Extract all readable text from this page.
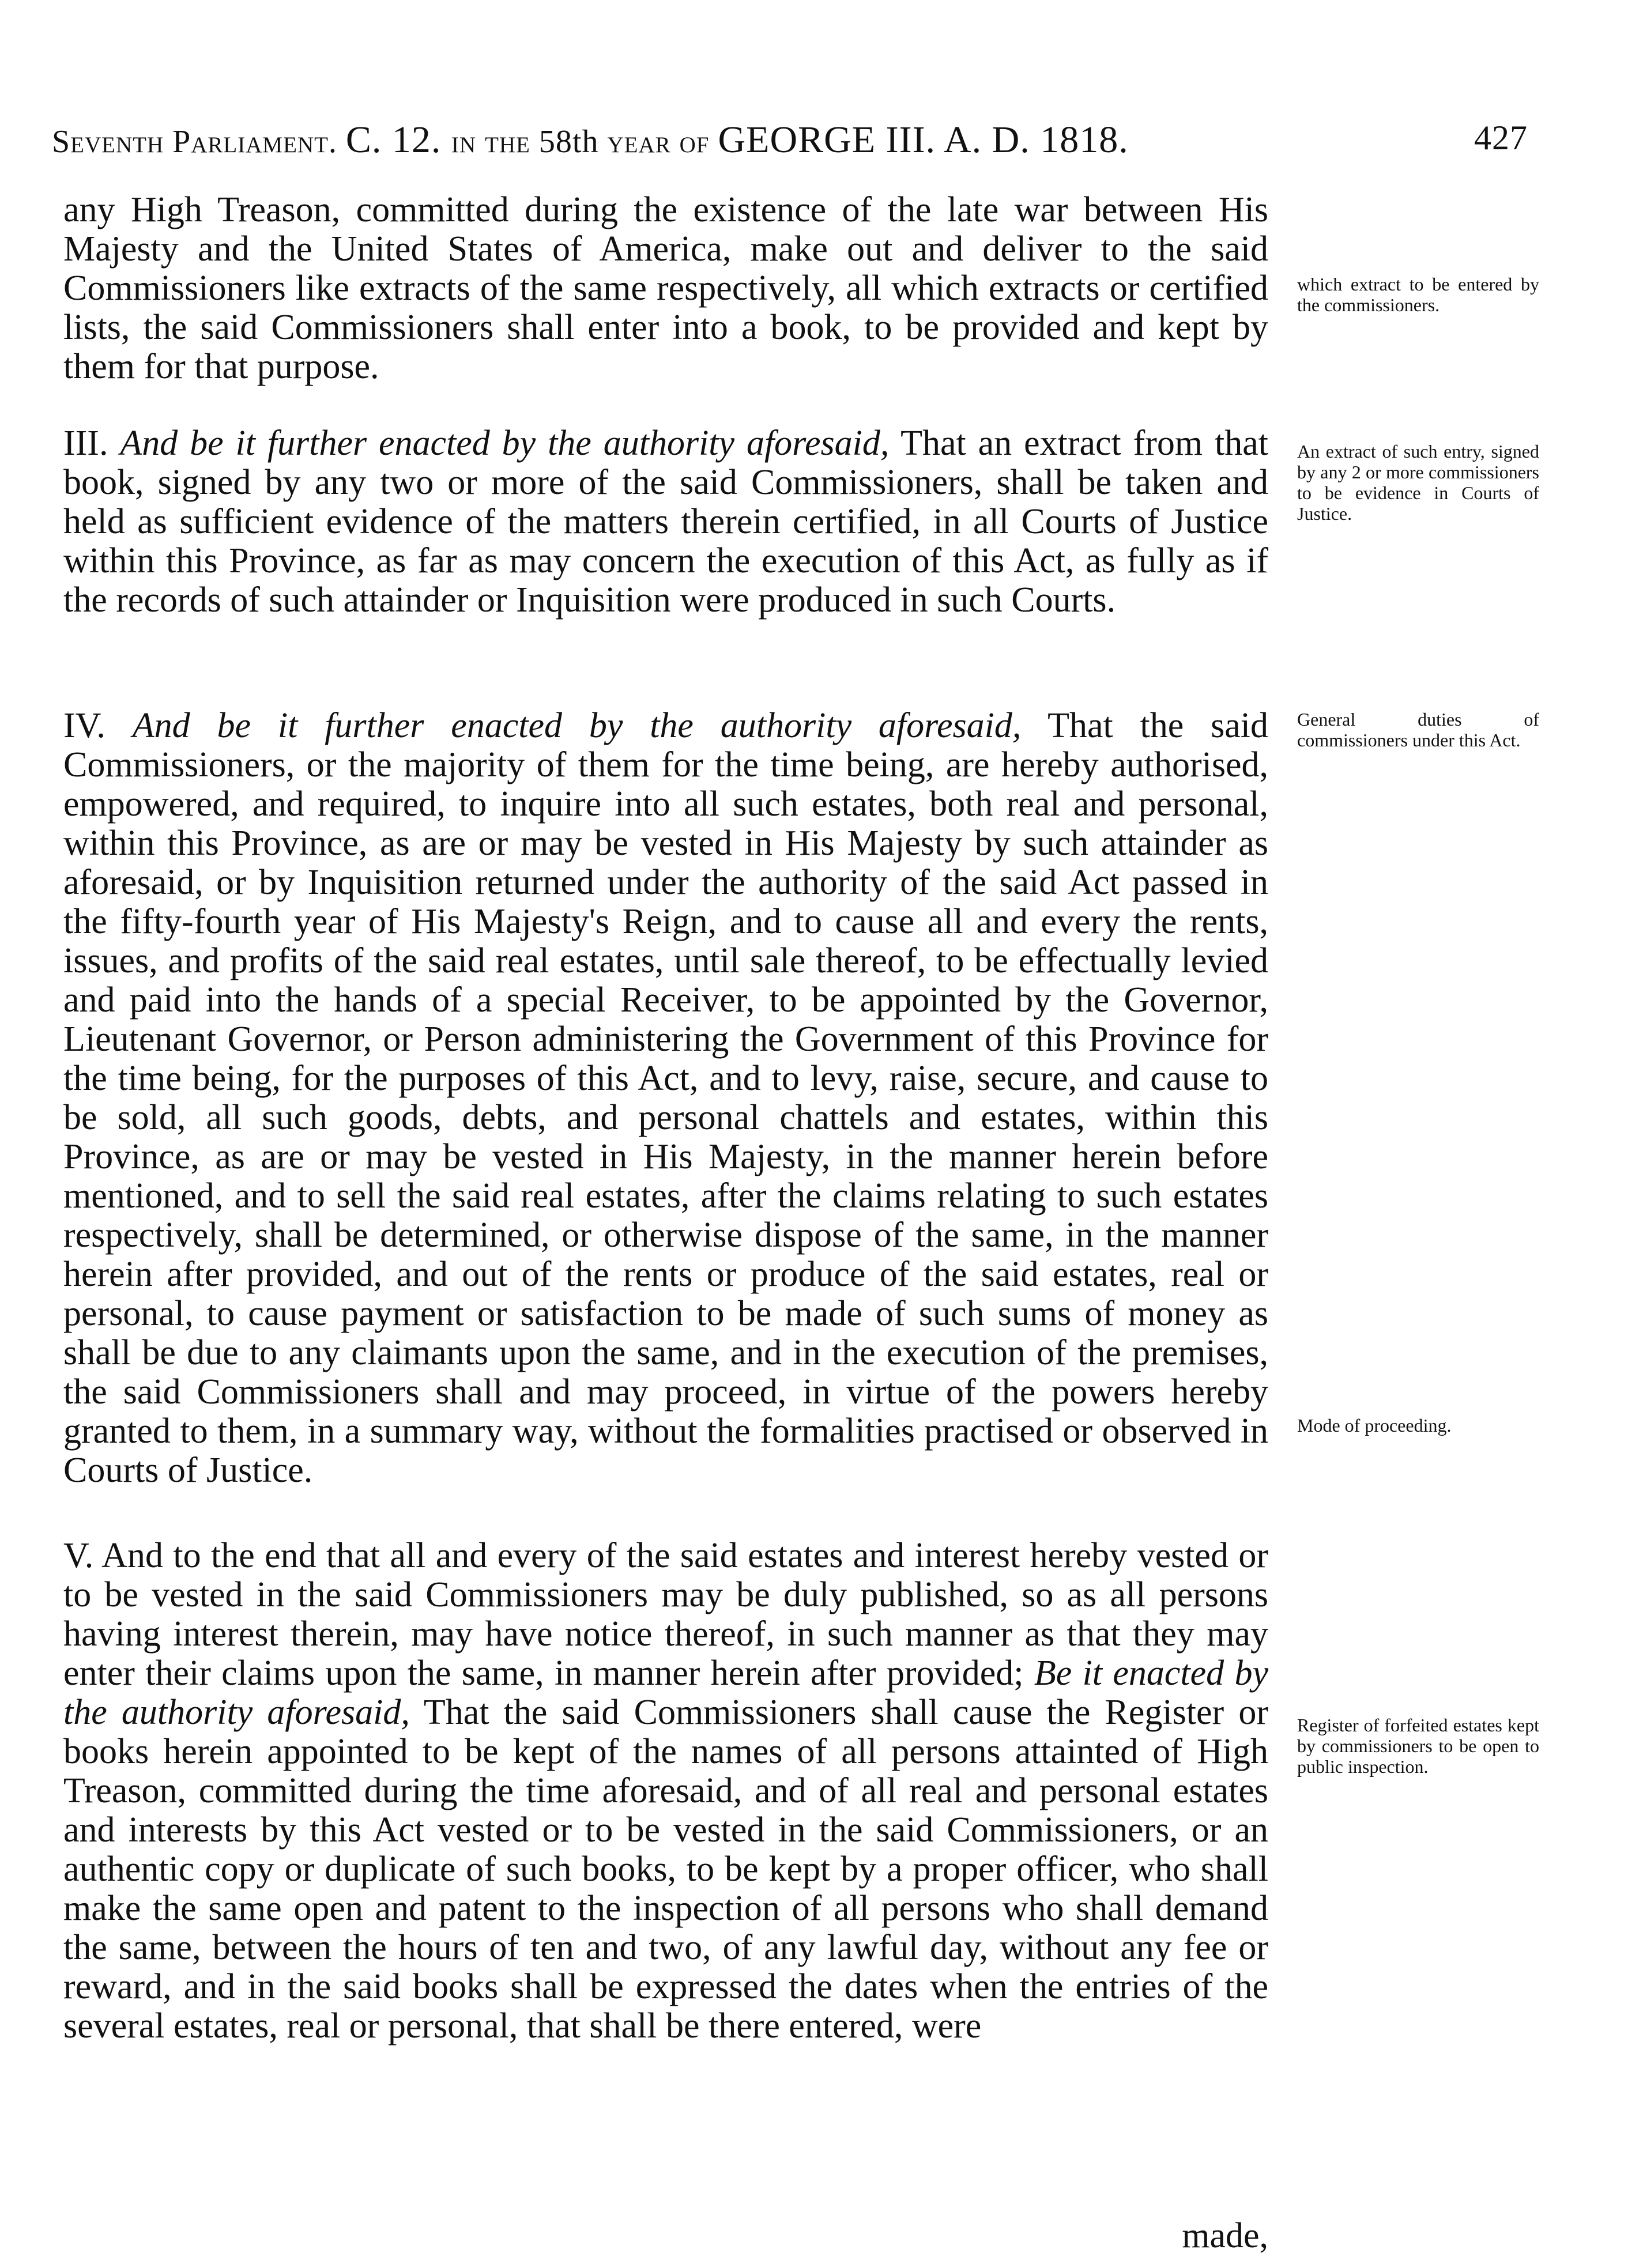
Seventh Parliament. C. 12. in the 58th year of GEORGE III. A. D. 1818.	427

any High Treason, committed during the existence of the late war between His Majesty and the United States of America, make out and deliver to the said Commissioners like extracts of the same respectively, all which extracts or certified lists, the said Commissioners shall enter into a book, to be provided and kept by them for that purpose.

III. And be it further enacted by the authority aforesaid, That an extract from that book, signed by any two or more of the said Commissioners, shall be taken and held as sufficient evidence of the matters therein certified, in all Courts of Justice within this Province, as far as may concern the execution of this Act, as fully as if the records of such attainder or Inquisition were produced in such Courts.

IV. And be it further enacted by the authority aforesaid, That the said Commissioners, or the majority of them for the time being, are hereby authorised, empowered, and required, to inquire into all such estates, both real and personal, within this Province, as are or may be vested in His Majesty by such attainder as aforesaid, or by Inquisition returned under the authority of the said Act passed in the fifty-fourth year of His Majesty's Reign, and to cause all and every the rents, issues, and profits of the said real estates, until sale thereof, to be effectually levied and paid into the hands of a special Receiver, to be appointed by the Governor, Lieutenant Governor, or Person administering the Government of this Province for the time being, for the purposes of this Act, and to levy, raise, secure, and cause to be sold, all such goods, debts, and personal chattels and estates, within this Province, as are or may be vested in His Majesty, in the manner herein before mentioned, and to sell the said real estates, after the claims relating to such estates respectively, shall be determined, or otherwise dispose of the same, in the manner herein after provided, and out of the rents or produce of the said estates, real or personal, to cause payment or satisfaction to be made of such sums of money as shall be due to any claimants upon the same, and in the execution of the premises, the said Commissioners shall and may proceed, in virtue of the powers hereby granted to them, in a summary way, without the formalities practised or observed in Courts of Justice.

V. And to the end that all and every of the said estates and interest hereby vested or to be vested in the said Commissioners may be duly published, so as all persons having interest therein, may have notice thereof, in such manner as that they may enter their claims upon the same, in manner herein after provided; Be it enacted by the authority aforesaid, That the said Commissioners shall cause the Register or books herein appointed to be kept of the names of all persons attainted of High Treason, committed during the time aforesaid, and of all real and personal estates and interests by this Act vested or to be vested in the said Commissioners, or an authentic copy or duplicate of such books, to be kept by a proper officer, who shall make the same open and patent to the inspection of all persons who shall demand the same, between the hours of ten and two, of any lawful day, without any fee or reward, and in the said books shall be expressed the dates when the entries of the several estates, real or personal, that shall be there entered, were

which extract to be entered by the commissioners.

An extract of such entry, signed by any 2 or more commissioners to be evidence in Courts of Justice.

General duties of commissioners under this Act.

Mode of proceeding.

Register of forfeited estates kept by commissioners to be open to public inspection.

made,
